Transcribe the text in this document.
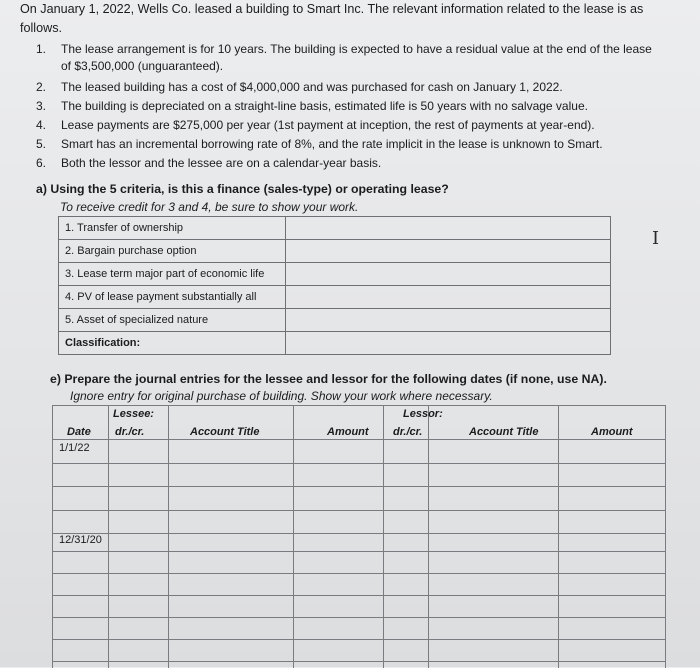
On January 1, 2022, Wells Co. leased a building to Smart Inc. The relevant information related to the lease is as follows.
1. The lease arrangement is for 10 years. The building is expected to have a residual value at the end of the lease
of $3,500,000 (unguaranteed).
2. The leased building has a cost of $4,000,000 and was purchased for cash on January 1, 2022.
3. The building is depreciated on a straight-line basis, estimated life is 50 years with no salvage value.
4. Lease payments are $275,000 per year (1st payment at inception, the rest of payments at year-end).
5. Smart has an incremental borrowing rate of 8%, and the rate implicit in the lease is unknown to Smart.
6. Both the lessor and the lessee are on a calendar-year basis.
a) Using the 5 criteria, is this a finance (sales-type) or operating lease?
To receive credit for 3 and 4, be sure to show your work.
1. Transfer of ownership	
2. Bargain purchase option	
3. Lease term major part of economic life	
4. PV of lease payment substantially all	
5. Asset of specialized nature	
Classification:	
I
e) Prepare the journal entries for the lessee and lessor for the following dates (if none, use NA).
Ignore entry for original purchase of building. Show your work where necessary.
Lessee:	Lessor:
Date dr./cr.	Account Title	Amount dr./cr.	Account Title	Amount
1/1/22
12/31/20
